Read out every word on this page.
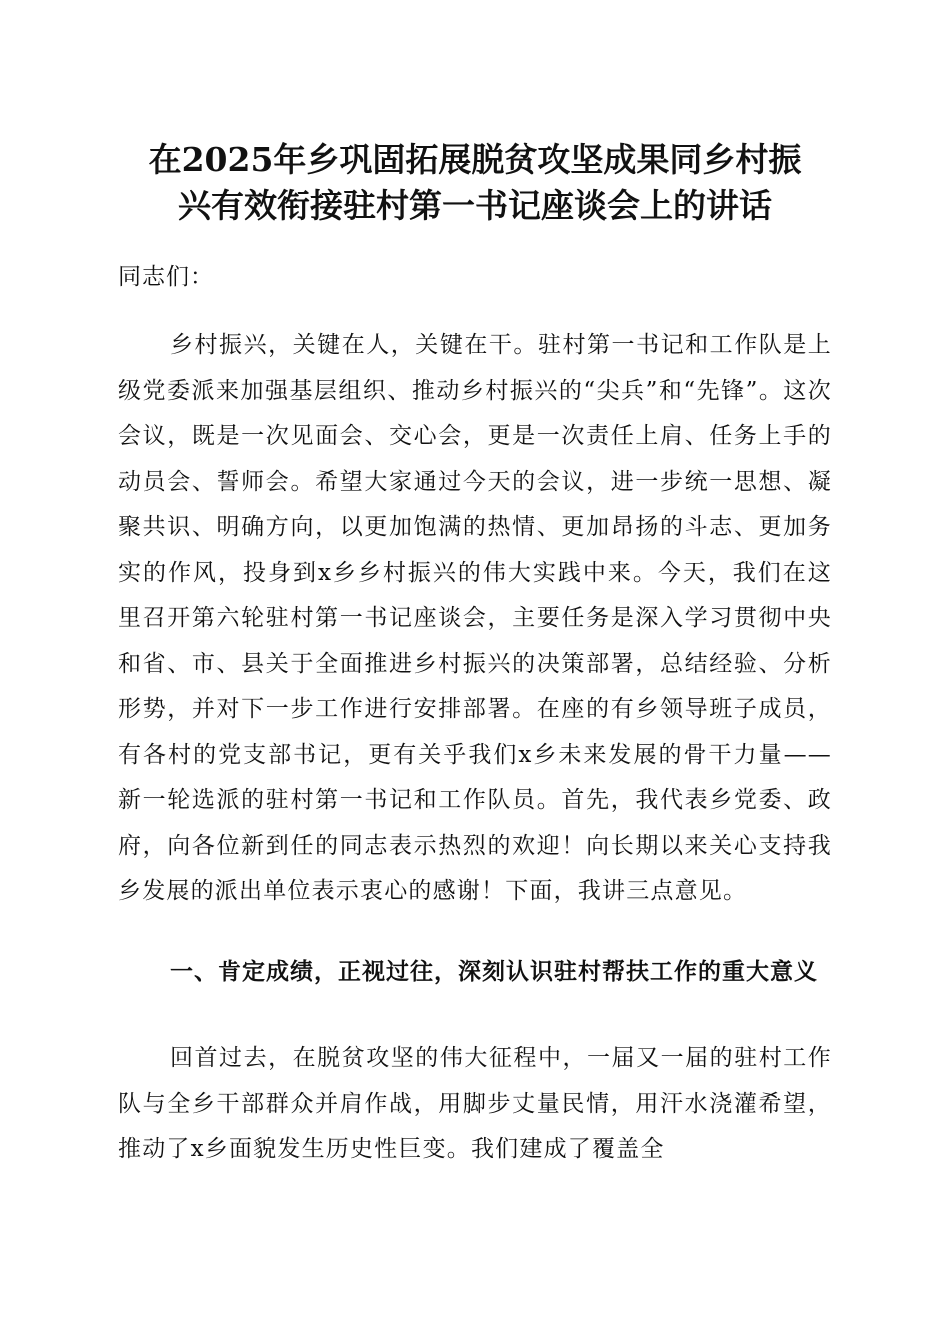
在2025年乡巩固拓展脱贫攻坚成果同乡村振
兴有效衔接驻村第一书记座谈会上的讲话

同志们：

乡村振兴，关键在人，关键在干。驻村第一书记和工作队是上级党委派来加强基层组织、推动乡村振兴的“尖兵”和“先锋”。这次会议，既是一次见面会、交心会，更是一次责任上肩、任务上手的动员会、誓师会。希望大家通过今天的会议，进一步统一思想、凝聚共识、明确方向，以更加饱满的热情、更加昂扬的斗志、更加务实的作风，投身到x乡乡村振兴的伟大实践中来。今天，我们在这里召开第六轮驻村第一书记座谈会，主要任务是深入学习贯彻中央和省、市、县关于全面推进乡村振兴的决策部署，总结经验、分析形势，并对下一步工作进行安排部署。在座的有乡领导班子成员，有各村的党支部书记，更有关乎我们x乡未来发展的骨干力量——新一轮选派的驻村第一书记和工作队员。首先，我代表乡党委、政府，向各位新到任的同志表示热烈的欢迎！向长期以来关心支持我乡发展的派出单位表示衷心的感谢！下面，我讲三点意见。

一、肯定成绩，正视过往，深刻认识驻村帮扶工作的重大意义

回首过去，在脱贫攻坚的伟大征程中，一届又一届的驻村工作队与全乡干部群众并肩作战，用脚步丈量民情，用汗水浇灌希望，推动了x乡面貌发生历史性巨变。我们建成了覆盖全
